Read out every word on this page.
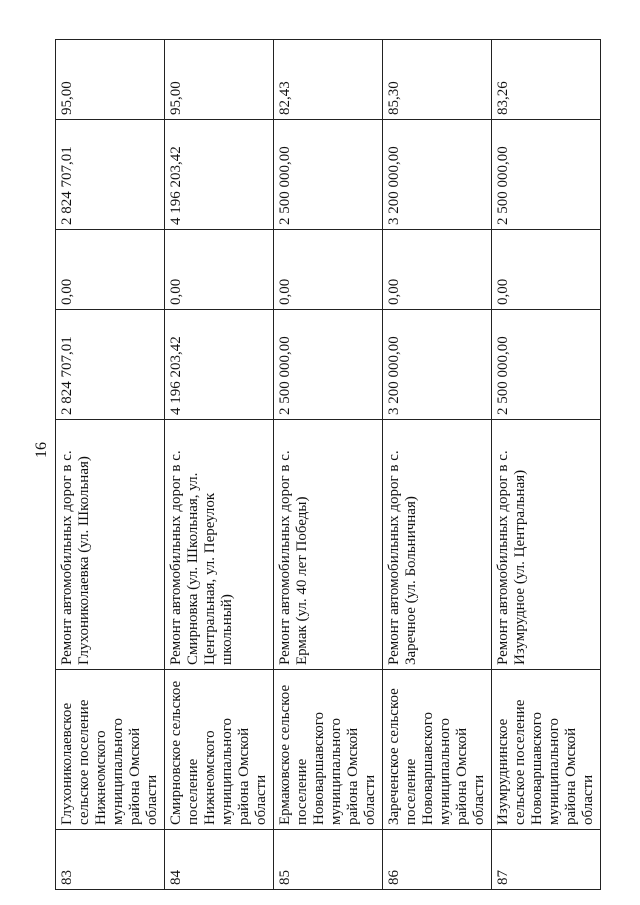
16
83	Глухониколаевское сельское поселение Нижнеомского муниципального района Омской области	Ремонт автомобильных дорог в с. Глухониколаевка (ул. Школьная)	2 824 707,01	0,00	2 824 707,01	95,00
84	Смирновское сельское поселение Нижнеомского муниципального района Омской области	Ремонт автомобильных дорог в с. Смирновка (ул. Школьная, ул. Центральная, ул. Переулок школьный)	4 196 203,42	0,00	4 196 203,42	95,00
85	Ермаковское сельское поселение Нововаршавского муниципального района Омской области	Ремонт автомобильных дорог в с. Ермак (ул. 40 лет Победы)	2 500 000,00	0,00	2 500 000,00	82,43
86	Зареченское сельское поселение Нововаршавского муниципального района Омской области	Ремонт автомобильных дорог в с. Заречное (ул. Больничная)	3 200 000,00	0,00	3 200 000,00	85,30
87	Изумруднинское сельское поселение Нововаршавского муниципального района Омской области	Ремонт автомобильных дорог в с. Изумрудное (ул. Центральная)	2 500 000,00	0,00	2 500 000,00	83,26
